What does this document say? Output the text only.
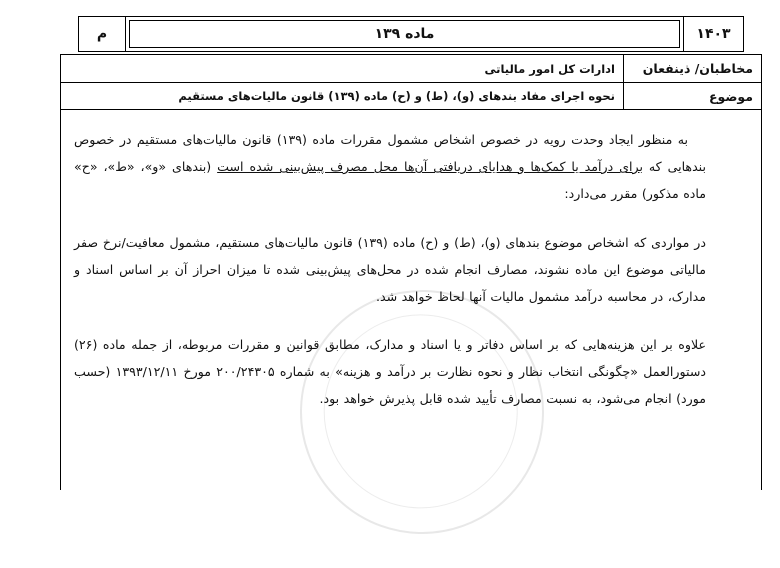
۱۴۰۳
ماده ۱۳۹
م
مخاطبان/ ذینفعان
ادارات کل امور مالیاتی
موضوع
نحوه اجرای مفاد بندهای (و)، (ط) و (ح) ماده (۱۳۹) قانون مالیات‌های مستقیم

به منظور ایجاد وحدت رویه در خصوص اشخاص مشمول مقررات ماده (۱۳۹) قانون مالیات‌های مستقیم در خصوص بندهایی که برای درآمد یا کمک‌ها و هدایای دریافتی آن‌ها محل مصرف پیش‌بینی شده است (بندهای «و»، «ط»، «ح» ماده مذکور) مقرر می‌دارد:

در مواردی که اشخاص موضوع بندهای (و)، (ط) و (ح) ماده (۱۳۹) قانون مالیات‌های مستقیم، مشمول معافیت/نرخ صفر مالیاتی موضوع این ماده نشوند، مصارف انجام شده در محل‌های پیش‌بینی شده تا میزان احراز آن بر اساس اسناد و مدارک، در محاسبه درآمد مشمول مالیات آنها لحاظ خواهد شد.

علاوه بر این هزینه‌هایی که بر اساس دفاتر و یا اسناد و مدارک، مطابق قوانین و مقررات مربوطه، از جمله ماده (۲۶) دستورالعمل «چگونگی انتخاب نظار و نحوه نظارت بر درآمد و هزینه» به شماره ۲۰۰/۲۴۳۰۵ مورخ ۱۳۹۳/۱۲/۱۱ (حسب مورد) انجام می‌شود، به نسبت مصارف تأیید شده قابل پذیرش خواهد بود.
